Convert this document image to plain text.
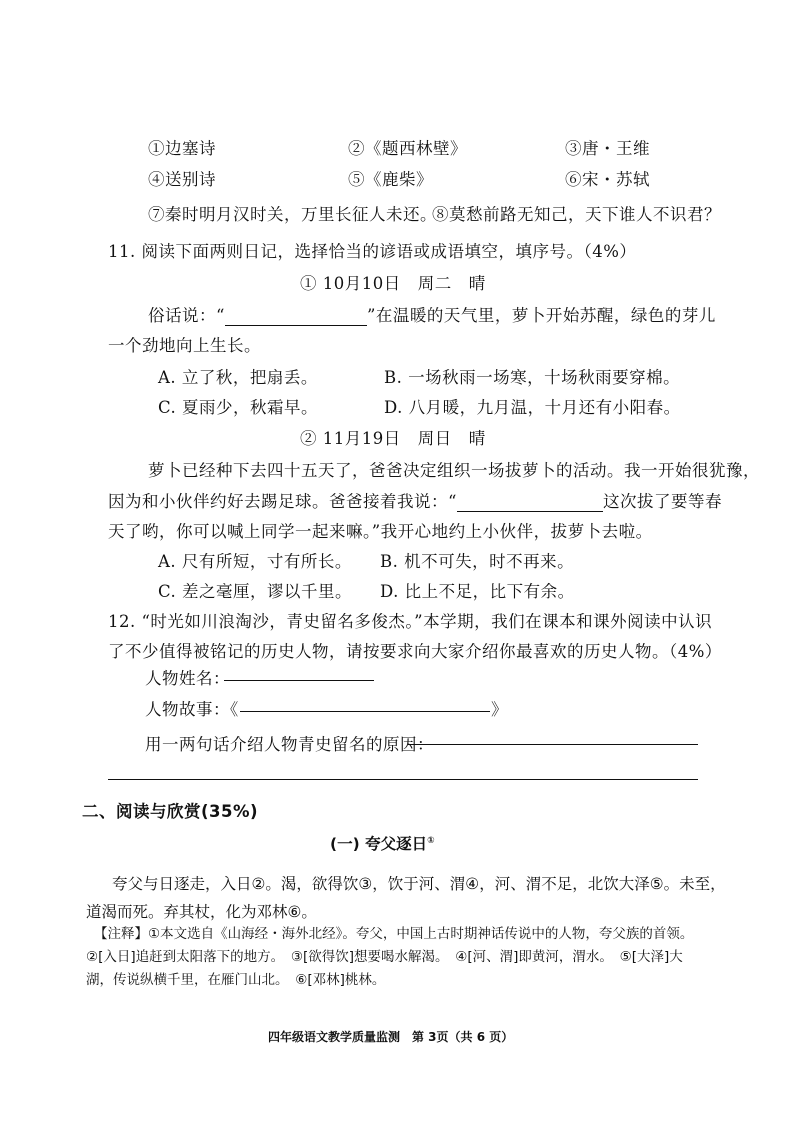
①边塞诗	②《题西林壁》	③唐・王维
④送别诗	⑤《鹿柴》	⑥宋・苏轼
⑦秦时明月汉时关，万里长征人未还。
⑧莫愁前路无知己，天下谁人不识君？
11. 阅读下面两则日记，选择恰当的谚语或成语填空，填序号。（4%）
① 10月10日　周二　晴
俗话说：“	”在温暖的天气里，萝卜开始苏醒，绿色的芽儿
一个劲地向上生长。
A. 立了秋，把扇丢。	B. 一场秋雨一场寒，十场秋雨要穿棉。
C. 夏雨少，秋霜早。	D. 八月暖，九月温，十月还有小阳春。
② 11月19日　周日　晴
萝卜已经种下去四十五天了，爸爸决定组织一场拔萝卜的活动。我一开始很犹豫，
因为和小伙伴约好去踢足球。爸爸接着我说：“	这次拔了要等春
天了哟，你可以喊上同学一起来嘛。”我开心地约上小伙伴，拔萝卜去啦。
A. 尺有所短，寸有所长。 B. 机不可失，时不再来。
C. 差之毫厘，谬以千里。 D. 比上不足，比下有余。
12. “时光如川浪淘沙，青史留名多俊杰。”本学期，我们在课本和课外阅读中认识
了不少值得被铭记的历史人物，请按要求向大家介绍你最喜欢的历史人物。（4%）
人物姓名：
人物故事：《	》
用一两句话介绍人物青史留名的原因：
二、阅读与欣赏(35%)
(一) 夸父逐日①
夸父与日逐走，入日②。渴，欲得饮③，饮于河、渭④，河、渭不足，北饮大泽⑤。未至，
道渴而死。弃其杖，化为邓林⑥。
【注释】①本文选自《山海经・海外北经》。夸父，中国上古时期神话传说中的人物，夸父族的首领。
②[入日]追赶到太阳落下的地方。　③[欲得饮]想要喝水解渴。　④[河、渭]即黄河，渭水。　⑤[大泽]大
湖，传说纵横千里，在雁门山北。　⑥[邓林]桃林。
四年级语文教学质量监测　第 3页（共 6 页）
